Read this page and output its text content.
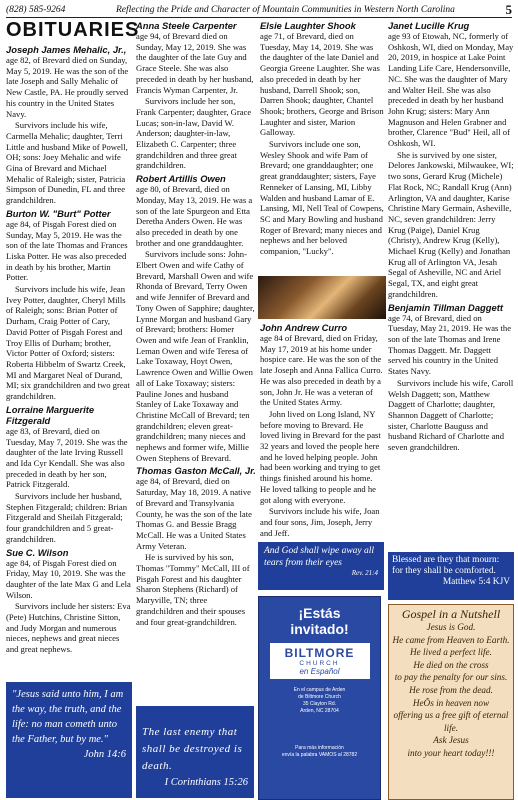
(828) 585-9264	Reflecting the Pride and Character of Mountain Communities in Western North Carolina	5
OBITUARIES
Joseph James Mehalic, Jr.,

age 82, of Brevard died on Sunday, May 5, 2019. He was the son of the late Joseph and Sally Mehalic of New Castle, PA. He proudly served his country in the United States Navy.

Survivors include his wife, Carmella Mehalic; daughter, Terri Little and husband Mike of Powell, OH; sons: Joey Mehalic and wife Gina of Brevard and Michael Mehalic of Raleigh; sister, Patricia Simpson of Dunedin, FL and three grandchildren.

Burton W. "Burt" Potter

age 84, of Pisgah Forest died on Sunday, May 5, 2019. He was the son of the late Thomas and Frances Liska Potter. He was also preceded in death by his brother, Martin Potter.

Survivors include his wife, Jean Ivey Potter, daughter, Cheryl Mills of Raleigh; sons: Brian Potter of Durham, Craig Potter of Cary, David Potter of Pisgah Forest and Troy Ellis of Durham; brother, Victor Potter of Oxford; sisters: Roberta Hibbelm of Swartz Creek, MI and Margaret Neal of Durand, MI; six grandchildren and two great grandchildren.

Lorraine Marguerite Fitzgerald

age 83, of Brevard, died on Tuesday, May 7, 2019. She was the daughter of the late Irving Russell and Ida Cyr Kendall. She was also preceded in death by her son, Patrick Fitzgerald.

Survivors include her husband, Stephen Fitzgerald; children: Brian Fitzgerald and Sheilah Fitzgerald; four grandchildren and 5 great-grandchildren.

Sue C. Wilson

age 84, of Pisgah Forest died on Friday, May 10, 2019. She was the daughter of the late Max G and Lela Wilson.

Survivors include her sisters: Eva (Pete) Hutchins, Christine Sitton, and Judy Morgan and numerous nieces, nephews and great nieces and great nephews.

"Jesus said unto him, I am the way, the truth, and the life: no man cometh unto the Father, but by me."
John 14:6
Anna Steele Carpenter

age 94, of Brevard died on Sunday, May 12, 2019. She was the daughter of the late Guy and Grace Steele. She was also preceded in death by her husband, Francis Wyman Carpenter, Jr.

Survivors include her son, Frank Carpenter; daughter, Grace Lucas; son-in-law, David W. Anderson; daughter-in-law, Elizabeth C. Carpenter; three grandchildren and three great grandchildren.

Robert Artillis Owen

age 80, of Brevard, died on Monday, May 13, 2019. He was a son of the late Spurgeon and Etta Deretha Anders Owen. He was also preceded in death by one brother and one granddaughter.

Survivors include sons: John-Elbert Owen and wife Cathy of Brevard, Marshall Owen and wife Rhonda of Brevard, Terry Owen and wife Jennifer of Brevard and Tony Owen of Sapphire; daughter, Lynne Morgan and husband Gary of Brevard; brothers: Homer Owen and wife Jean of Franklin, Leman Owen and wife Teresa of Lake Toxaway, Hoyt Owen, Lawrence Owen and Willie Owen all of Lake Toxaway; sisters: Pauline Jones and husband Stanley of Lake Toxaway and Christine McCall of Brevard; ten grandchildren; eleven great-grandchildren; many nieces and nephews and former wife, Millie Owen Stephens of Brevard.

Thomas Gaston McCall, Jr.

age 84, of Brevard, died on Saturday, May 18, 2019. A native of Brevard and Transylvania County, he was the son of the late Thomas G. and Bessie Bragg McCall. He was a United States Army Veteran.

He is survived by his son, Thomas "Tommy" McCall, III of Pisgah Forest and his daughter Sharon Stephens (Richard) of Maryville, TN; three grandchildren and their spouses and four great-grandchildren.

The last enemy that shall be destroyed is death.
I Corinthians 15:26
Elsie Laughter Shook

age 71, of Brevard, died on Tuesday, May 14, 2019. She was the daughter of the late Daniel and Georgia Greene Laughter. She was also preceded in death by her husband, Darrell Shook; son, Darren Shook; daughter, Chantel Shook; brothers, George and Brison Laughter and sister, Marion Galloway.

Survivors include one son, Wesley Shook and wife Pam of Brevard; one granddaughter; one great granddaughter; sisters, Faye Renneker of Lansing, MI, Libby Walden and husband Lamar of E. Lansing, MI, Nell Teal of Cowpens, SC and Mary Bowling and husband Roger of Brevard; many nieces and nephews and her beloved companion, "Lucky".

John Andrew Curro

age 84 of Brevard, died on Friday, May 17, 2019 at his home under hospice care. He was the son of the late Joseph and Anna Fallica Curro. He was also preceded in death by a son, John Jr. He was a veteran of the United States Army.

John lived on Long Island, NY before moving to Brevard. He loved living in Brevard for the past 32 years and loved the people here and he loved helping people. John had been working and trying to get things finished around his home. He loved talking to people and he got along with everyone.

Survivors include his wife, Joan and four sons, Jim, Joseph, Jerry and Jeff.

And God shall wipe away all tears from their eyes
Rev. 21:4
¡Estás
invitado!
BILTMORE
CHURCH
en Español
En el campus de Arden
de Biltmore Church
35 Clayton Rd.
Arden, NC 28704
Para más información
envía la palabra VAMOS al 28782
Janet Lucille Krug

age 93 of Etowah, NC, formerly of Oshkosh, WI, died on Monday, May 20, 2019, in hospice at Lake Point Landing Life Care, Hendersonville, NC. She was the daughter of Mary and Walter Heil. She was also preceded in death by her husband John Krug; sisters: Mary Ann Magnuson and Helen Grabner and brother, Clarence "Bud" Heil, all of Oshkosh, WI.

She is survived by one sister, Delores Jankowski, Milwaukee, WI; two sons, Gerard Krug (Michele) Flat Rock, NC; Randall Krug (Ann) Arlington, VA and daughter, Karise Christine Mary Germain, Asheville, NC, seven grandchildren: Jerry Krug (Paige), Daniel Krug (Christy), Andrew Krug (Kelly), Michael Krug (Kelly) and Jonathan Krug all of Arlington VA, Jesah Segal of Asheville, NC and Ariel Segal, TX, and eight great grandchildren.

Benjamin Tillman Daggett

age 74, of Brevard, died on Tuesday, May 21, 2019. He was the son of the late Thomas and Irene Thomas Daggett. Mr. Daggett served his country in the United States Navy.

Survivors include his wife, Caroll Welsh Daggett; son, Matthew Daggett of Charlotte; daughter, Shannon Daggett of Charlotte; sister, Charlotte Bauguss and husband Richard of Charlotte and seven grandchildren.

Blessed are they that mourn: for they shall be comforted.
Matthew 5:4 KJV
Gospel in a Nutshell
Jesus is God.
He came from Heaven to Earth.
He lived a perfect life.
He died on the cross
to pay the penalty for our sins.
He rose from the dead.
HeÕs in heaven now
offering us a free gift of eternal
life.
Ask Jesus
into your heart today!!!
